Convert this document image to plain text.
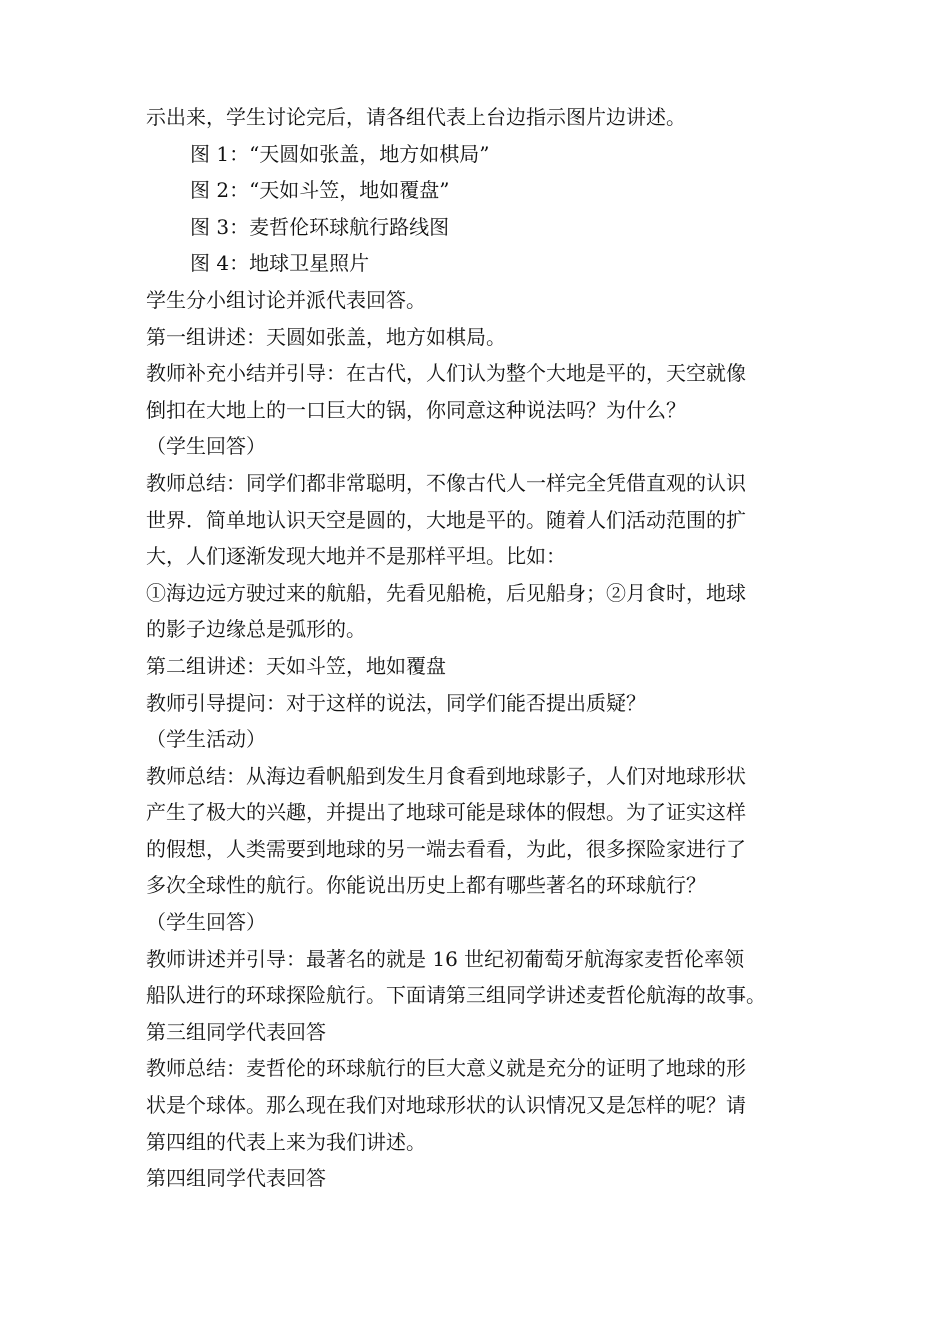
示出来，学生讨论完后，请各组代表上台边指示图片边讲述。
图 1：“天圆如张盖，地方如棋局”
图 2：“天如斗笠，地如覆盘”
图 3：麦哲伦环球航行路线图
图 4：地球卫星照片
学生分小组讨论并派代表回答。
第一组讲述：天圆如张盖，地方如棋局。
教师补充小结并引导：在古代，人们认为整个大地是平的，天空就像
倒扣在大地上的一口巨大的锅，你同意这种说法吗？为什么？
（学生回答）
教师总结：同学们都非常聪明，不像古代人一样完全凭借直观的认识
世界．简单地认识天空是圆的，大地是平的。随着人们活动范围的扩
大，人们逐渐发现大地并不是那样平坦。比如：
①海边远方驶过来的航船，先看见船桅，后见船身；②月食时，地球
的影子边缘总是弧形的。
第二组讲述：天如斗笠，地如覆盘
教师引导提问：对于这样的说法，同学们能否提出质疑？
（学生活动）
教师总结：从海边看帆船到发生月食看到地球影子，人们对地球形状
产生了极大的兴趣，并提出了地球可能是球体的假想。为了证实这样
的假想，人类需要到地球的另一端去看看，为此，很多探险家进行了
多次全球性的航行。你能说出历史上都有哪些著名的环球航行？
（学生回答）
教师讲述并引导：最著名的就是 16 世纪初葡萄牙航海家麦哲伦率领
船队进行的环球探险航行。下面请第三组同学讲述麦哲伦航海的故事。
第三组同学代表回答
教师总结：麦哲伦的环球航行的巨大意义就是充分的证明了地球的形
状是个球体。那么现在我们对地球形状的认识情况又是怎样的呢？请
第四组的代表上来为我们讲述。
第四组同学代表回答
